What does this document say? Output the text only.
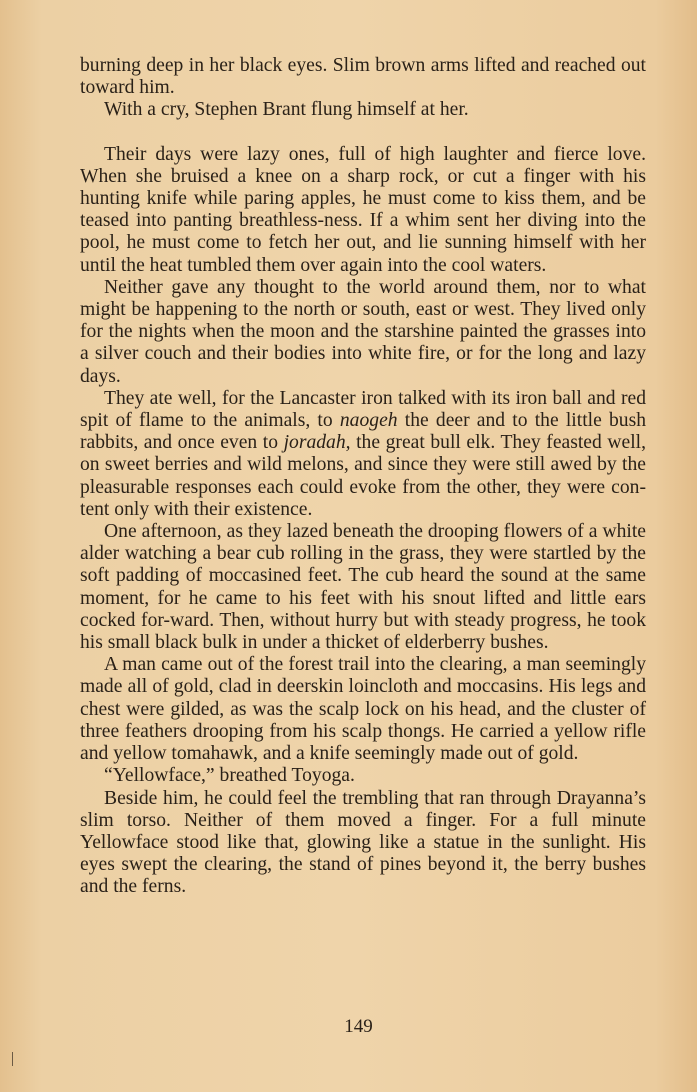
burning deep in her black eyes. Slim brown arms lifted and reached out toward him.

With a cry, Stephen Brant flung himself at her.

Their days were lazy ones, full of high laughter and fierce love. When she bruised a knee on a sharp rock, or cut a finger with his hunting knife while paring apples, he must come to kiss them, and be teased into panting breathless-ness. If a whim sent her diving into the pool, he must come to fetch her out, and lie sunning himself with her until the heat tumbled them over again into the cool waters.

Neither gave any thought to the world around them, nor to what might be happening to the north or south, east or west. They lived only for the nights when the moon and the starshine painted the grasses into a silver couch and their bodies into white fire, or for the long and lazy days.

They ate well, for the Lancaster iron talked with its iron ball and red spit of flame to the animals, to naogeh the deer and to the little bush rabbits, and once even to joradah, the great bull elk. They feasted well, on sweet berries and wild melons, and since they were still awed by the pleasurable responses each could evoke from the other, they were con-tent only with their existence.

One afternoon, as they lazed beneath the drooping flowers of a white alder watching a bear cub rolling in the grass, they were startled by the soft padding of moccasined feet. The cub heard the sound at the same moment, for he came to his feet with his snout lifted and little ears cocked for-ward. Then, without hurry but with steady progress, he took his small black bulk in under a thicket of elderberry bushes.

A man came out of the forest trail into the clearing, a man seemingly made all of gold, clad in deerskin loincloth and moccasins. His legs and chest were gilded, as was the scalp lock on his head, and the cluster of three feathers drooping from his scalp thongs. He carried a yellow rifle and yellow tomahawk, and a knife seemingly made out of gold.

“Yellowface,” breathed Toyoga.

Beside him, he could feel the trembling that ran through Drayanna’s slim torso. Neither of them moved a finger. For a full minute Yellowface stood like that, glowing like a statue in the sunlight. His eyes swept the clearing, the stand of pines beyond it, the berry bushes and the ferns.

149
